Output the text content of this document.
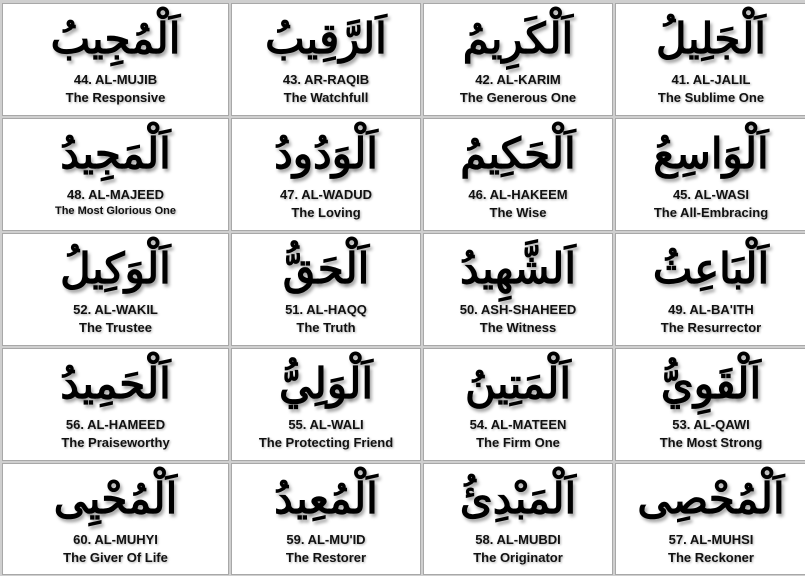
اَلْمُجِيبُ
44. AL-MUJIB
The Responsive
اَلرَّقِيبُ
43. AR-RAQIB
The Watchfull
اَلْكَرِيمُ
42. AL-KARIM
The Generous One
اَلْجَلِيلُ
41. AL-JALIL
The Sublime One
اَلْمَجِيدُ
48. AL-MAJEED
The Most Glorious One
اَلْوَدُودُ
47. AL-WADUD
The Loving
اَلْحَكِيمُ
46. AL-HAKEEM
The Wise
اَلْوَاسِعُ
45. AL-WASI
The All-Embracing
اَلْوَكِيلُ
52. AL-WAKIL
The Trustee
اَلْحَقُّ
51. AL-HAQQ
The Truth
اَلشَّهِيدُ
50. ASH-SHAHEED
The Witness
اَلْبَاعِثُ
49. AL-BA'ITH
The Resurrector
اَلْحَمِيدُ
56. AL-HAMEED
The Praiseworthy
اَلْوَلِيُّ
55. AL-WALI
The Protecting Friend
اَلْمَتِينُ
54. AL-MATEEN
The Firm One
اَلْقَوِيُّ
53. AL-QAWI
The Most Strong
اَلْمُحْيِى
60. AL-MUHYI
The Giver Of Life
اَلْمُعِيدُ
59. AL-MU'ID
The Restorer
اَلْمَبْدِئُ
58. AL-MUBDI
The Originator
اَلْمُحْصِى
57. AL-MUHSI
The Reckoner
